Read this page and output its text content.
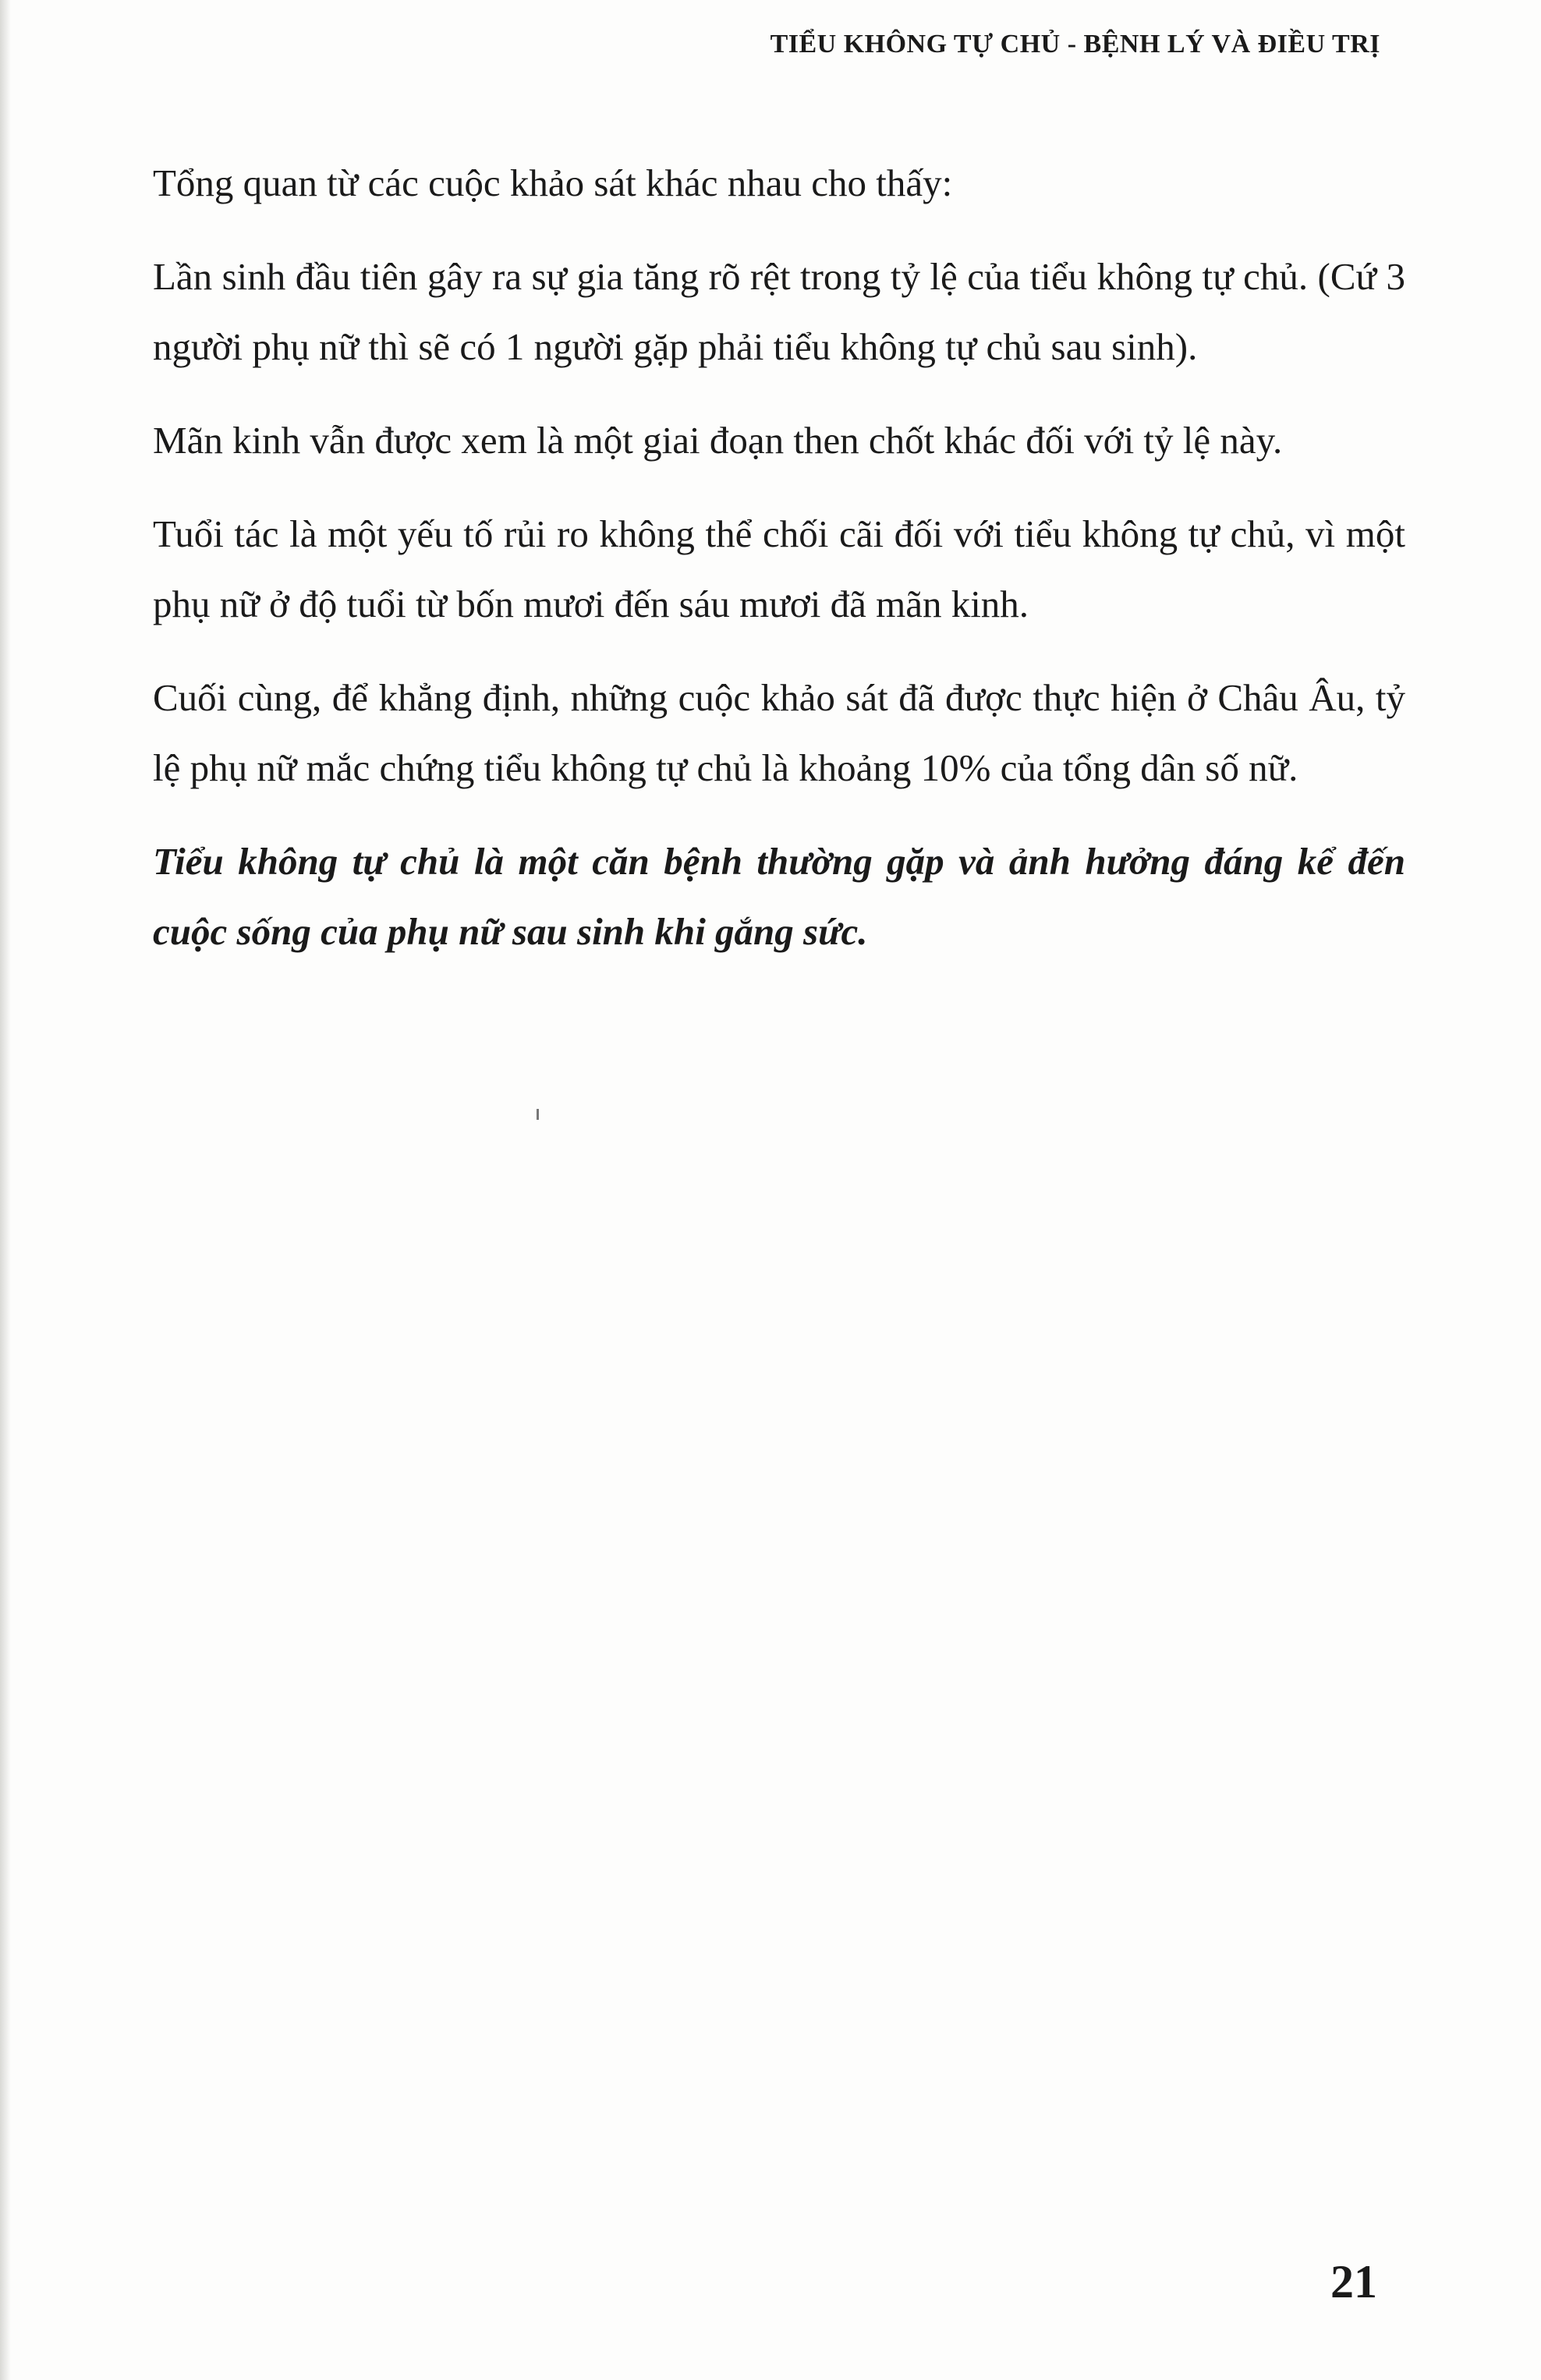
TIỂU KHÔNG TỰ CHỦ - BỆNH LÝ VÀ ĐIỀU TRỊ

Tổng quan từ các cuộc khảo sát khác nhau cho thấy:

Lần sinh đầu tiên gây ra sự gia tăng rõ rệt trong tỷ lệ của tiểu không tự chủ. (Cứ 3 người phụ nữ thì sẽ có 1 người gặp phải tiểu không tự chủ sau sinh).

Mãn kinh vẫn được xem là một giai đoạn then chốt khác đối với tỷ lệ này.

Tuổi tác là một yếu tố rủi ro không thể chối cãi đối với tiểu không tự chủ, vì một phụ nữ ở độ tuổi từ bốn mươi đến sáu mươi đã mãn kinh.

Cuối cùng, để khẳng định, những cuộc khảo sát đã được thực hiện ở Châu Âu, tỷ lệ phụ nữ mắc chứng tiểu không tự chủ là khoảng 10% của tổng dân số nữ.

Tiểu không tự chủ là một căn bệnh thường gặp và ảnh hưởng đáng kể đến cuộc sống của phụ nữ sau sinh khi gắng sức.

21
